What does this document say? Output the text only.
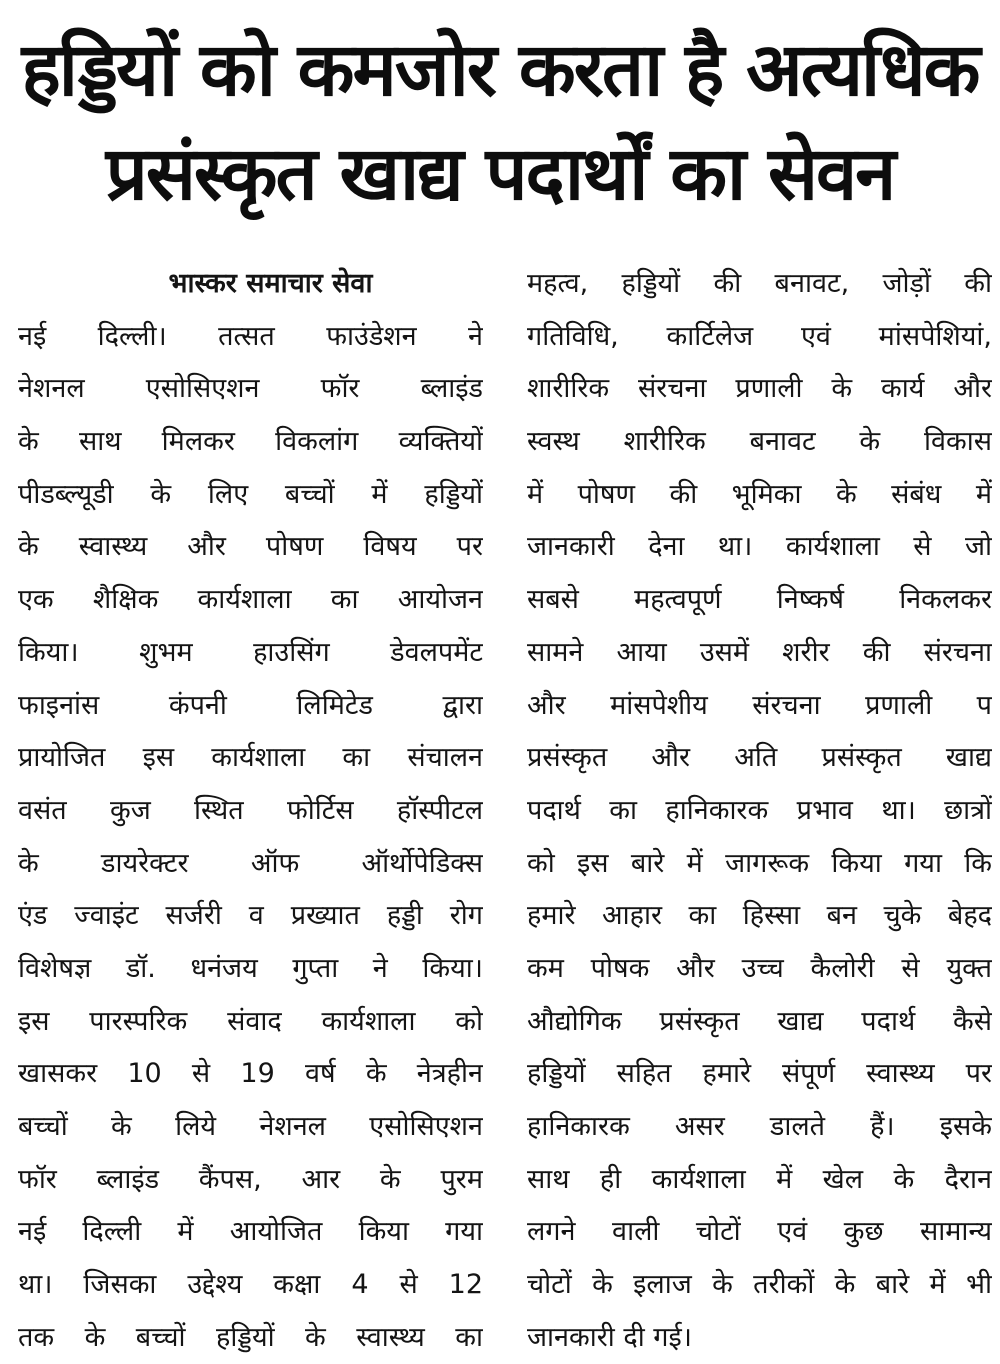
हड्डियों को कमजोर करता है अत्यधिक
प्रसंस्कृत खाद्य पदार्थों का सेवन
भास्कर समाचार सेवा
नई दिल्ली। तत्सत फाउंडेशन ने
नेशनल एसोसिएशन फॉर ब्लाइंड
के साथ मिलकर विकलांग व्यक्तियों
पीडब्ल्यूडी के लिए बच्चों में हड्डियों
के स्वास्थ्य और पोषण विषय पर
एक शैक्षिक कार्यशाला का आयोजन
किया। शुभम हाउसिंग डेवलपमेंट
फाइनांस कंपनी लिमिटेड द्वारा
प्रायोजित इस कार्यशाला का संचालन
वसंत कुज स्थित फोर्टिस हॉस्पीटल
के डायरेक्टर ऑफ ऑर्थोपेडिक्स
एंड ज्वाइंट सर्जरी व प्रख्यात हड्डी रोग
विशेषज्ञ डॉ. धनंजय गुप्ता ने किया।
इस पारस्परिक संवाद कार्यशाला को
खासकर 10 से 19 वर्ष के नेत्रहीन
बच्चों के लिये नेशनल एसोसिएशन
फॉर ब्लाइंड कैंपस, आर के पुरम
नई दिल्ली में आयोजित किया गया
था। जिसका उद्देश्य कक्षा 4 से 12
तक के बच्चों हड्डियों के स्वास्थ्य का
महत्व, हड्डियों की बनावट, जोड़ों की
गतिविधि, कार्टिलेज एवं मांसपेशियां,
शारीरिक संरचना प्रणाली के कार्य और
स्वस्थ शारीरिक बनावट के विकास
में पोषण की भूमिका के संबंध में
जानकारी देना था। कार्यशाला से जो
सबसे महत्वपूर्ण निष्कर्ष निकलकर
सामने आया उसमें शरीर की संरचना
और मांसपेशीय संरचना प्रणाली प
प्रसंस्कृत और अति प्रसंस्कृत खाद्य
पदार्थ का हानिकारक प्रभाव था। छात्रों
को इस बारे में जागरूक किया गया कि
हमारे आहार का हिस्सा बन चुके बेहद
कम पोषक और उच्च कैलोरी से युक्त
औद्योगिक प्रसंस्कृत खाद्य पदार्थ कैसे
हड्डियों सहित हमारे संपूर्ण स्वास्थ्य पर
हानिकारक असर डालते हैं। इसके
साथ ही कार्यशाला में खेल के दैरान
लगने वाली चोटों एवं कुछ सामान्य
चोटों के इलाज के तरीकों के बारे में भी
जानकारी दी गई।
